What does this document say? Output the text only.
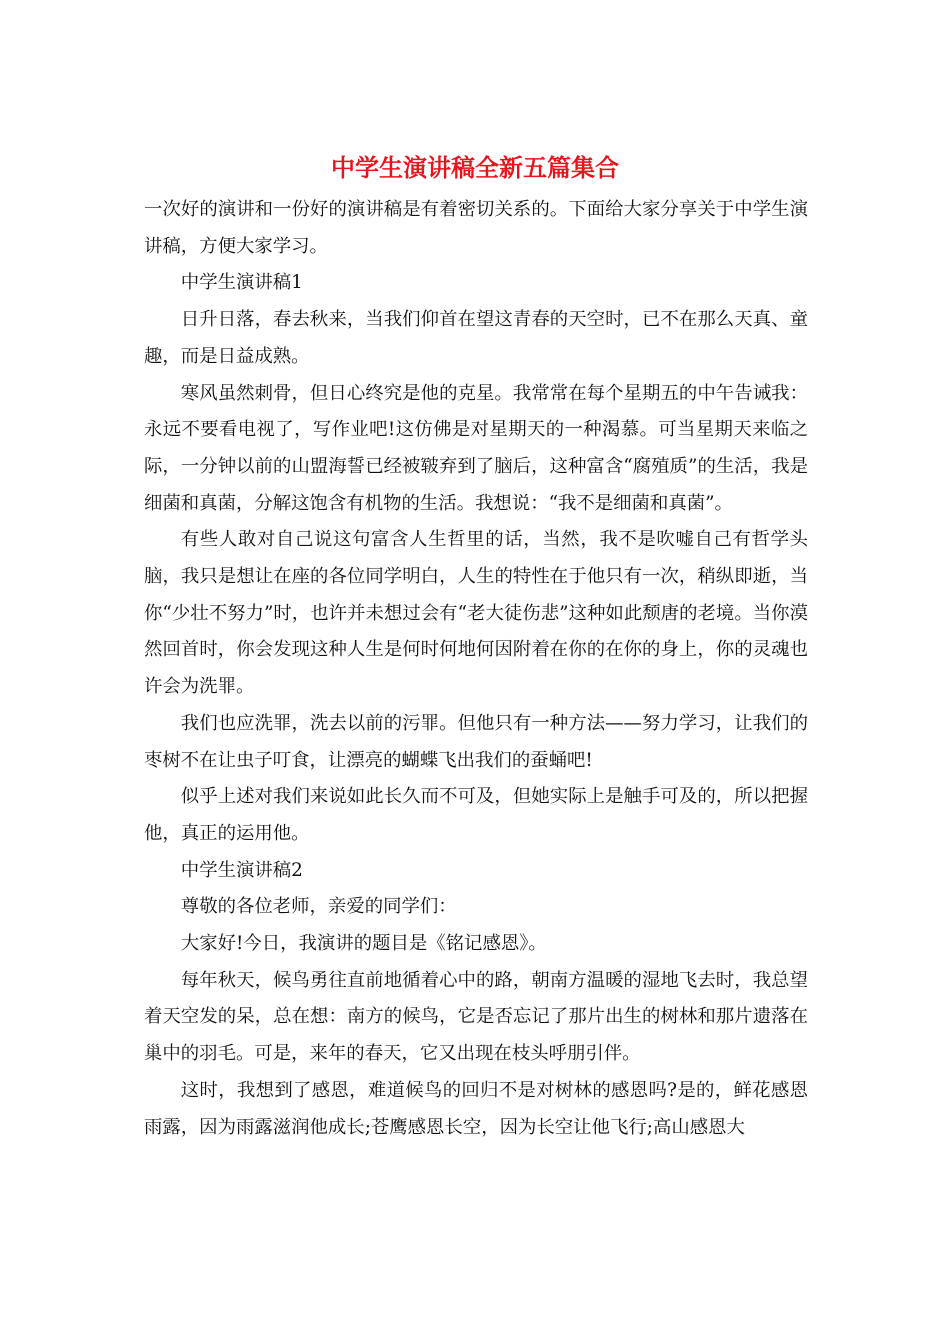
中学生演讲稿全新五篇集合

一次好的演讲和一份好的演讲稿是有着密切关系的。下面给大家分享关于中学生演讲稿，方便大家学习。

中学生演讲稿1

日升日落，春去秋来，当我们仰首在望这青春的天空时，已不在那么天真、童趣，而是日益成熟。

寒风虽然刺骨，但日心终究是他的克星。我常常在每个星期五的中午告诫我：永远不要看电视了，写作业吧!这仿佛是对星期天的一种渴慕。可当星期天来临之际，一分钟以前的山盟海誓已经被皲弃到了脑后，这种富含“腐殖质”的生活，我是细菌和真菌，分解这饱含有机物的生活。我想说：“我不是细菌和真菌”。

有些人敢对自己说这句富含人生哲里的话，当然，我不是吹嘘自己有哲学头脑，我只是想让在座的各位同学明白，人生的特性在于他只有一次，稍纵即逝，当你“少壮不努力”时，也许并未想过会有“老大徒伤悲”这种如此颓唐的老境。当你漠然回首时，你会发现这种人生是何时何地何因附着在你的在你的身上，你的灵魂也许会为洗罪。

我们也应洗罪，洗去以前的污罪。但他只有一种方法——努力学习，让我们的枣树不在让虫子叮食，让漂亮的蝴蝶飞出我们的蚕蛹吧!

似乎上述对我们来说如此长久而不可及，但她实际上是触手可及的，所以把握他，真正的运用他。

中学生演讲稿2

尊敬的各位老师，亲爱的同学们：

大家好!今日，我演讲的题目是《铭记感恩》。

每年秋天，候鸟勇往直前地循着心中的路，朝南方温暖的湿地飞去时，我总望着天空发的呆，总在想：南方的候鸟，它是否忘记了那片出生的树林和那片遗落在巢中的羽毛。可是，来年的春天，它又出现在枝头呼朋引伴。

这时，我想到了感恩，难道候鸟的回归不是对树林的感恩吗?是的，鲜花感恩雨露，因为雨露滋润他成长;苍鹰感恩长空，因为长空让他飞行;高山感恩大
